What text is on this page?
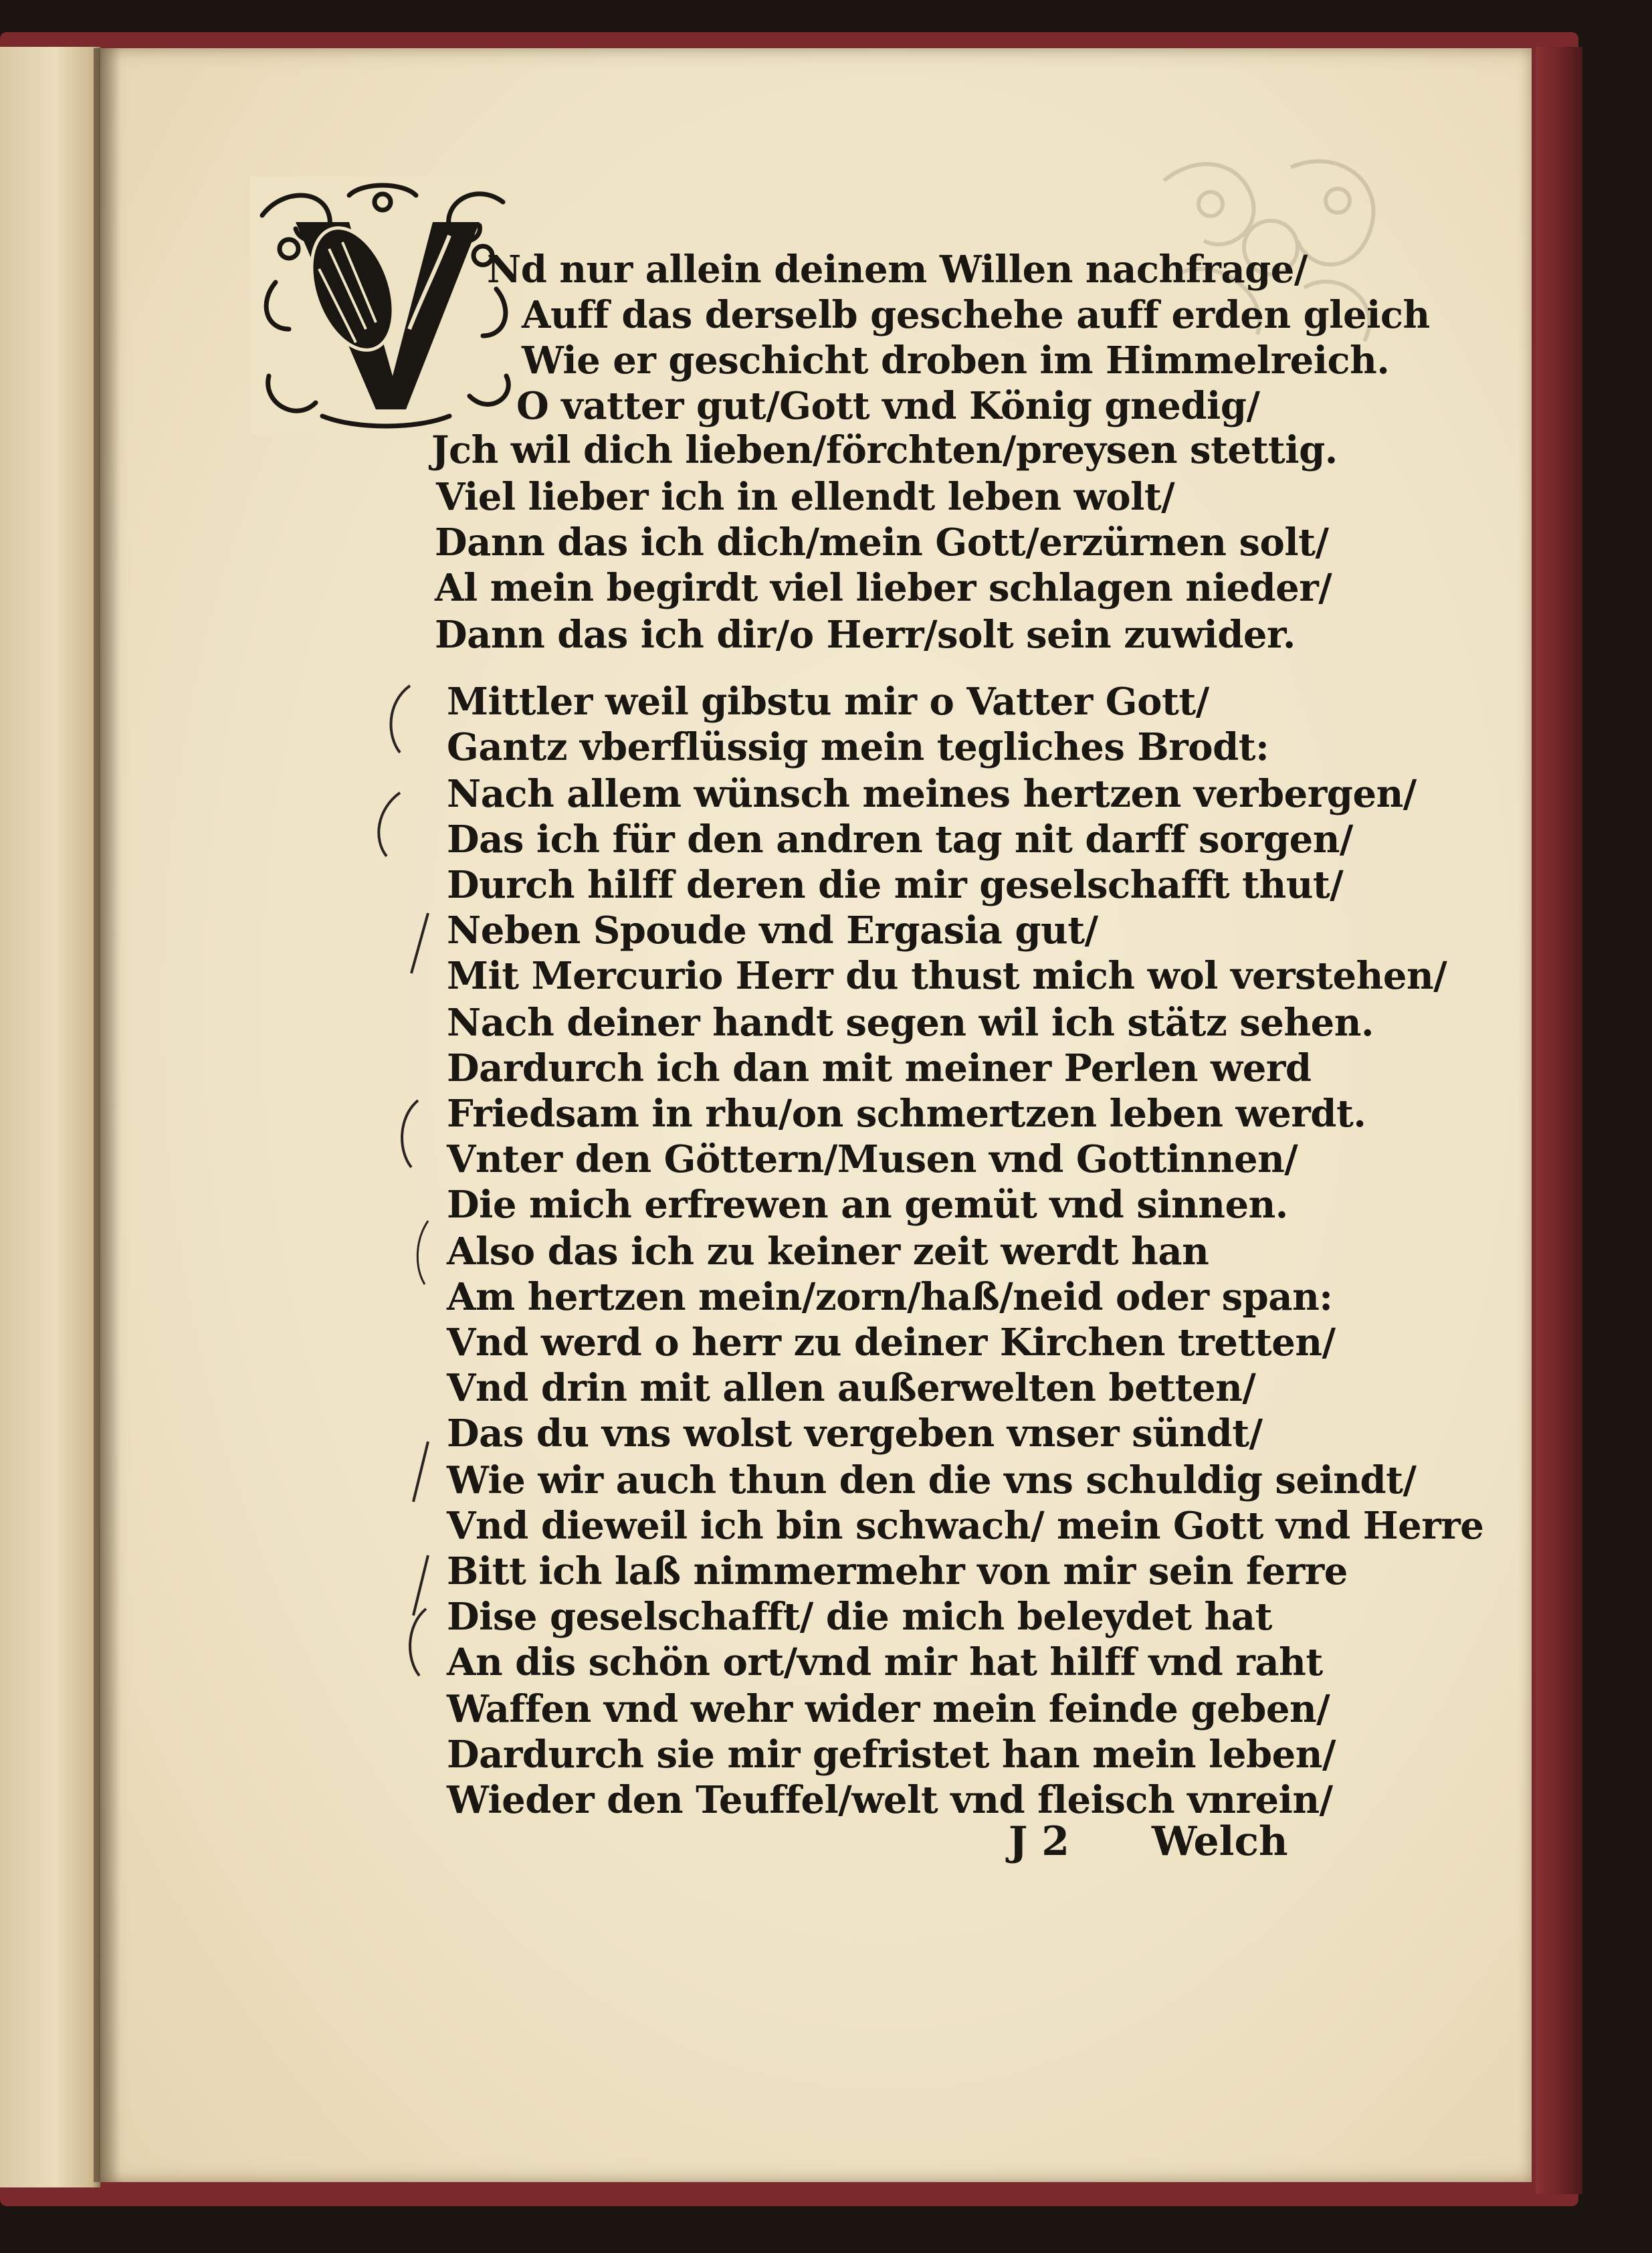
Nd nur allein deinem Willen nachfrage/
Auff das derselb geschehe auff erden gleich
Wie er geschicht droben im Himmelreich.
O vatter gut/Gott vnd König gnedig/
Jch wil dich lieben/förchten/preysen stettig.
Viel lieber ich in ellendt leben wolt/
Dann das ich dich/mein Gott/erzürnen solt/
Al mein begirdt viel lieber schlagen nieder/
Dann das ich dir/o Herr/solt sein zuwider.
Mittler weil gibstu mir o Vatter Gott/
Gantz vberflüssig mein tegliches Brodt:
Nach allem wünsch meines hertzen verbergen/
Das ich für den andren tag nit darff sorgen/
Durch hilff deren die mir geselschafft thut/
Neben Spoude vnd Ergasia gut/
Mit Mercurio Herr du thust mich wol verstehen/
Nach deiner handt segen wil ich stätz sehen.
Dardurch ich dan mit meiner Perlen werd
Friedsam in rhu/on schmertzen leben werdt.
Vnter den Göttern/Musen vnd Gottinnen/
Die mich erfrewen an gemüt vnd sinnen.
Also das ich zu keiner zeit werdt han
Am hertzen mein/zorn/haß/neid oder span:
Vnd werd o herr zu deiner Kirchen tretten/
Vnd drin mit allen außerwelten betten/
Das du vns wolst vergeben vnser sündt/
Wie wir auch thun den die vns schuldig seindt/
Vnd dieweil ich bin schwach/ mein Gott vnd Herre
Bitt ich laß nimmermehr von mir sein ferre
Dise geselschafft/ die mich beleydet hat
An dis schön ort/vnd mir hat hilff vnd raht
Waffen vnd wehr wider mein feinde geben/
Dardurch sie mir gefristet han mein leben/
Wieder den Teuffel/welt vnd fleisch vnrein/
J 2 Welch
